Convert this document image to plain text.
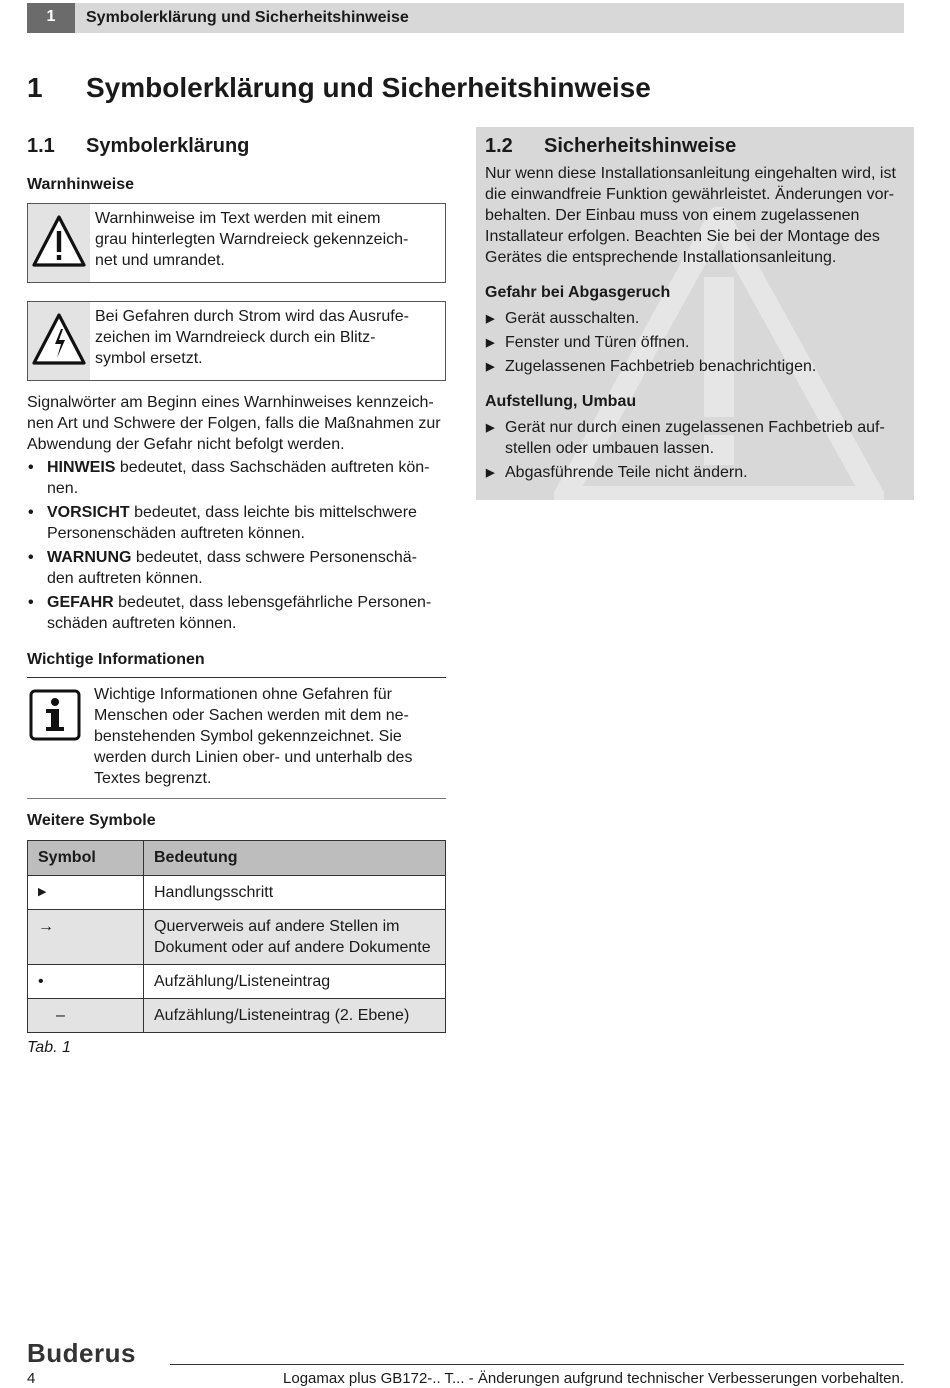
1	Symbolerklärung und Sicherheitshinweise
1 Symbolerklärung und Sicherheitshinweise
1.1 Symbolerklärung
Warnhinweise
Warnhinweise im Text werden mit einem
grau hinterlegten Warndreieck gekennzeich-
net und umrandet.
Bei Gefahren durch Strom wird das Ausrufe-
zeichen im Warndreieck durch ein Blitz-
symbol ersetzt.
Signalwörter am Beginn eines Warnhinweises kennzeich-
nen Art und Schwere der Folgen, falls die Maßnahmen zur
Abwendung der Gefahr nicht befolgt werden.
• HINWEIS bedeutet, dass Sachschäden auftreten kön-
nen.
• VORSICHT bedeutet, dass leichte bis mittelschwere
Personenschäden auftreten können.
• WARNUNG bedeutet, dass schwere Personenschä-
den auftreten können.
• GEFAHR bedeutet, dass lebensgefährliche Personen-
schäden auftreten können.
Wichtige Informationen
Wichtige Informationen ohne Gefahren für
Menschen oder Sachen werden mit dem ne-
benstehenden Symbol gekennzeichnet. Sie
werden durch Linien ober- und unterhalb des
Textes begrenzt.
Weitere Symbole
Symbol	Bedeutung
▶	Handlungsschritt

→	Querverweis auf andere Stellen im
Dokument oder auf andere Dokumente

•	Aufzählung/Listeneintrag

–	Aufzählung/Listeneintrag (2. Ebene)
Tab. 1
1.2 Sicherheitshinweise
Nur wenn diese Installationsanleitung eingehalten wird, ist
die einwandfreie Funktion gewährleistet. Änderungen vor-
behalten. Der Einbau muss von einem zugelassenen
Installateur erfolgen. Beachten Sie bei der Montage des
Gerätes die entsprechende Installationsanleitung.
Gefahr bei Abgasgeruch
▶ Gerät ausschalten.
▶ Fenster und Türen öffnen.
▶ Zugelassenen Fachbetrieb benachrichtigen.
Aufstellung, Umbau
▶ Gerät nur durch einen zugelassenen Fachbetrieb auf-
stellen oder umbauen lassen.
▶ Abgasführende Teile nicht ändern.
Buderus
4	Logamax plus GB172-.. T... - Änderungen aufgrund technischer Verbesserungen vorbehalten.
